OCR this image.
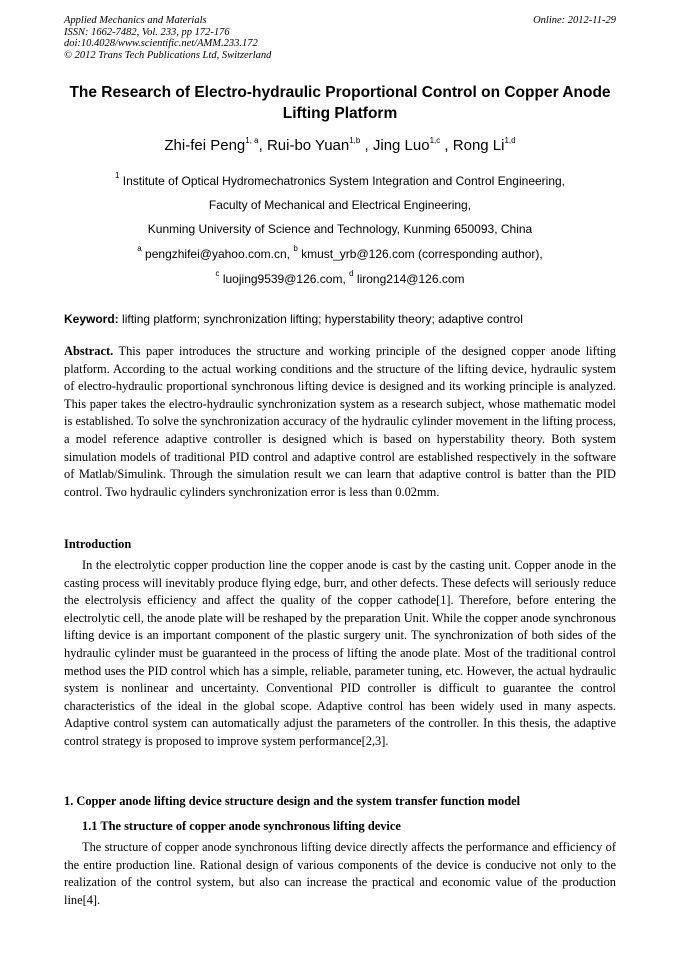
Applied Mechanics and Materials
ISSN: 1662-7482, Vol. 233, pp 172-176
doi:10.4028/www.scientific.net/AMM.233.172
© 2012 Trans Tech Publications Ltd, Switzerland
Online: 2012-11-29
The Research of Electro-hydraulic Proportional Control on Copper Anode Lifting Platform
Zhi-fei Peng$^{1, a}$, Rui-bo Yuan$^{1,b}$ , Jing Luo$^{1,c}$ , Rong Li$^{1,d}$
$^1$ Institute of Optical Hydromechatronics System Integration and Control Engineering,
Faculty of Mechanical and Electrical Engineering,
Kunming University of Science and Technology, Kunming 650093, China
$^a$ pengzhifei@yahoo.com.cn, $^b$ kmust_yrb@126.com (corresponding author),
$^c$ luojing9539@126.com, $^d$ lirong214@126.com
Keyword: lifting platform; synchronization lifting; hyperstability theory; adaptive control
Abstract. This paper introduces the structure and working principle of the designed copper anode lifting platform. According to the actual working conditions and the structure of the lifting device, hydraulic system of electro-hydraulic proportional synchronous lifting device is designed and its working principle is analyzed. This paper takes the electro-hydraulic synchronization system as a research subject, whose mathematic model is established. To solve the synchronization accuracy of the hydraulic cylinder movement in the lifting process, a model reference adaptive controller is designed which is based on hyperstability theory. Both system simulation models of traditional PID control and adaptive control are established respectively in the software of Matlab/Simulink. Through the simulation result we can learn that adaptive control is batter than the PID control. Two hydraulic cylinders synchronization error is less than 0.02mm.
Introduction
In the electrolytic copper production line the copper anode is cast by the casting unit. Copper anode in the casting process will inevitably produce flying edge, burr, and other defects. These defects will seriously reduce the electrolysis efficiency and affect the quality of the copper cathode[1]. Therefore, before entering the electrolytic cell, the anode plate will be reshaped by the preparation Unit. While the copper anode synchronous lifting device is an important component of the plastic surgery unit. The synchronization of both sides of the hydraulic cylinder must be guaranteed in the process of lifting the anode plate. Most of the traditional control method uses the PID control which has a simple, reliable, parameter tuning, etc. However, the actual hydraulic system is nonlinear and uncertainty. Conventional PID controller is difficult to guarantee the control characteristics of the ideal in the global scope. Adaptive control has been widely used in many aspects. Adaptive control system can automatically adjust the parameters of the controller. In this thesis, the adaptive control strategy is proposed to improve system performance[2,3].
1. Copper anode lifting device structure design and the system transfer function model
1.1 The structure of copper anode synchronous lifting device
The structure of copper anode synchronous lifting device directly affects the performance and efficiency of the entire production line. Rational design of various components of the device is conducive not only to the realization of the control system, but also can increase the practical and economic value of the production line[4].
